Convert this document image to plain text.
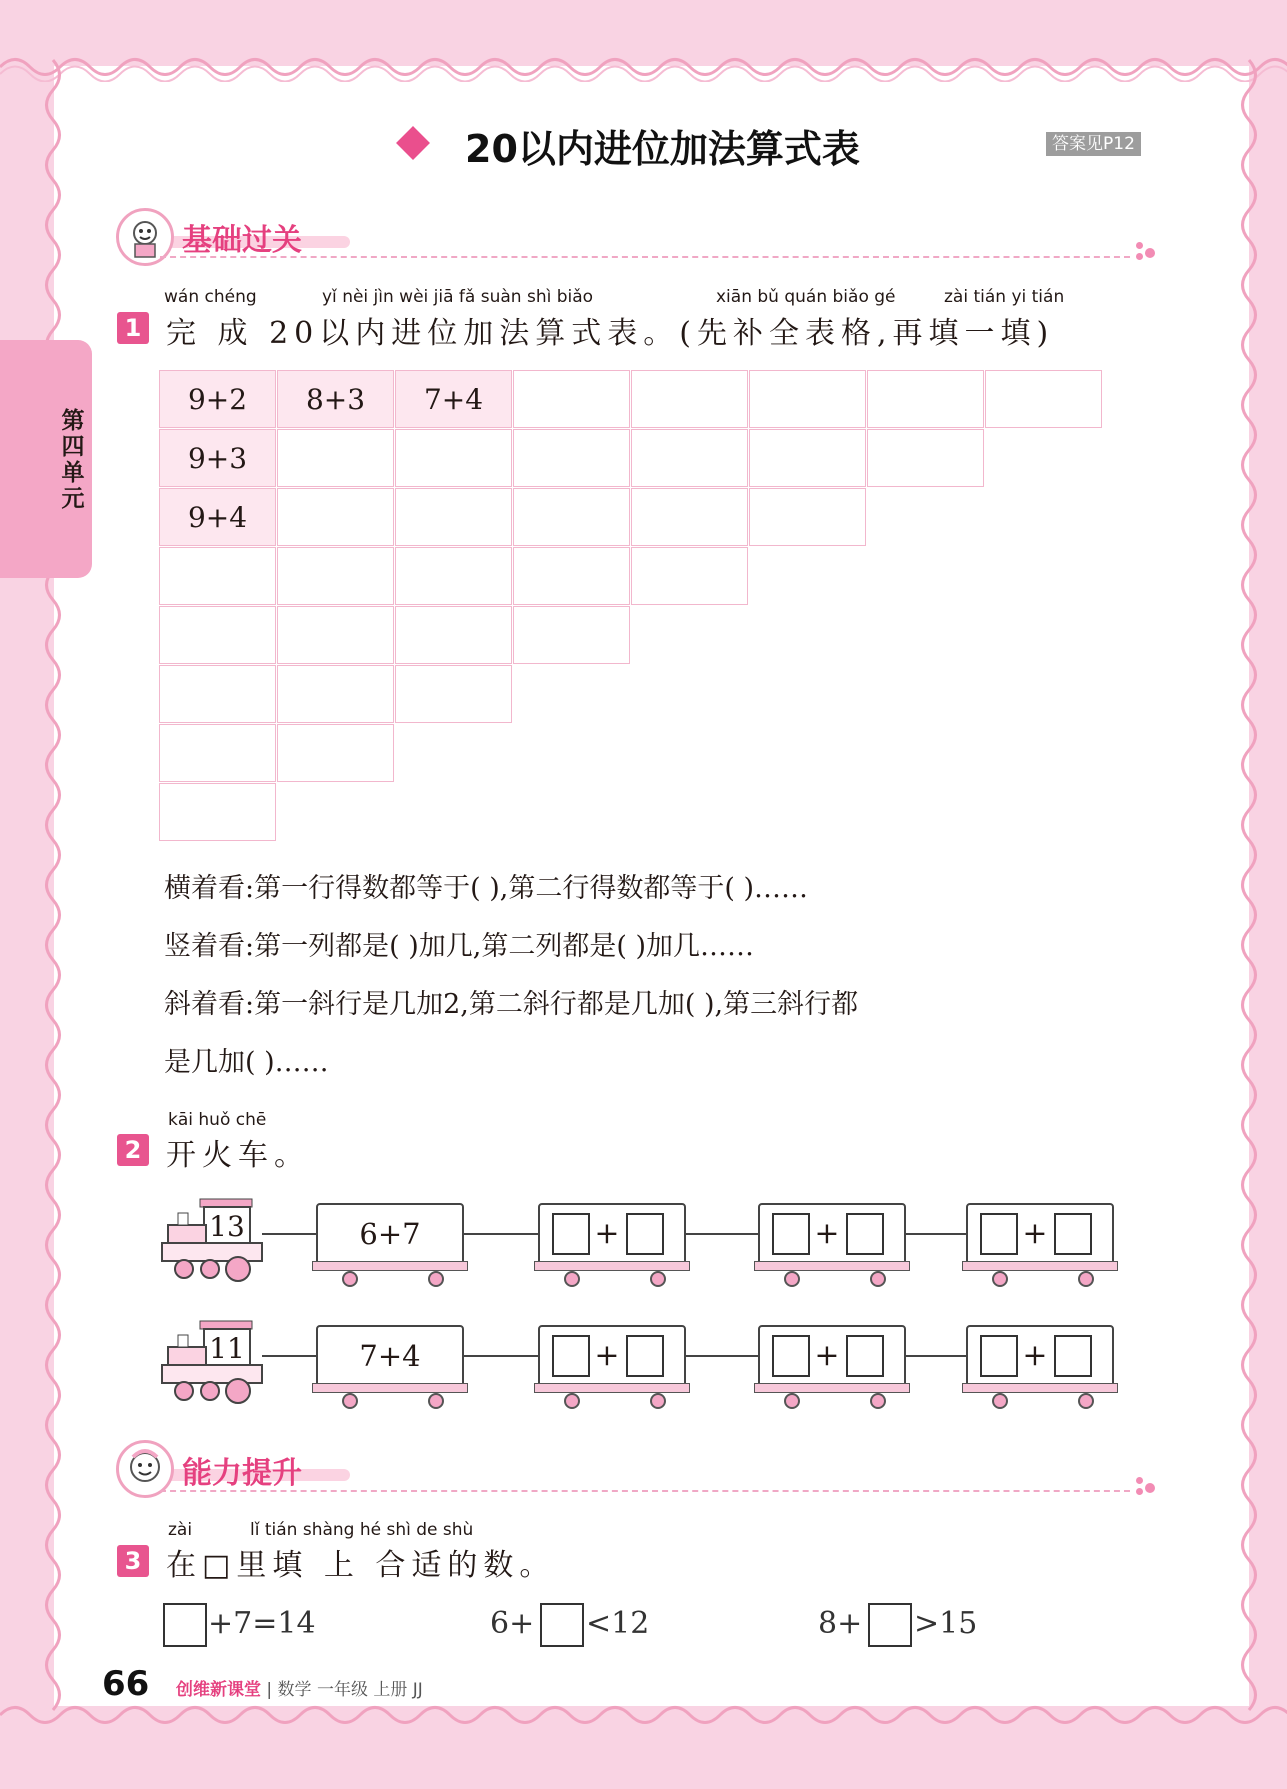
第四单元
20以内进位加法算式表	答案见P12
基础过关
wán chéng	yǐ nèi jìn wèi jiā fǎ suàn shì biǎo	xiān bǔ quán biǎo gé	zài tián yi tián
1 完 成 20以内进位加法算式表。(先补全表格,再填一填)
9+2	8+3	7+4
9+3
9+4
横着看:第一行得数都等于( ),第二行得数都等于( )……
竖着看:第一列都是( )加几,第二列都是( )加几……
斜着看:第一斜行是几加2,第二斜行都是几加( ),第三斜行都
是几加( )……
kāi huǒ chē
2 开火车。
13	6+7	+	+	+
11	7+4	+	+	+
能力提升
zài	lǐ tián shàng hé shì de shù
3 在□里填 上 合适的数。
+7=14	6+ <12	8+ >15
66 创维新课堂 | 数学 一年级 上册 JJ
